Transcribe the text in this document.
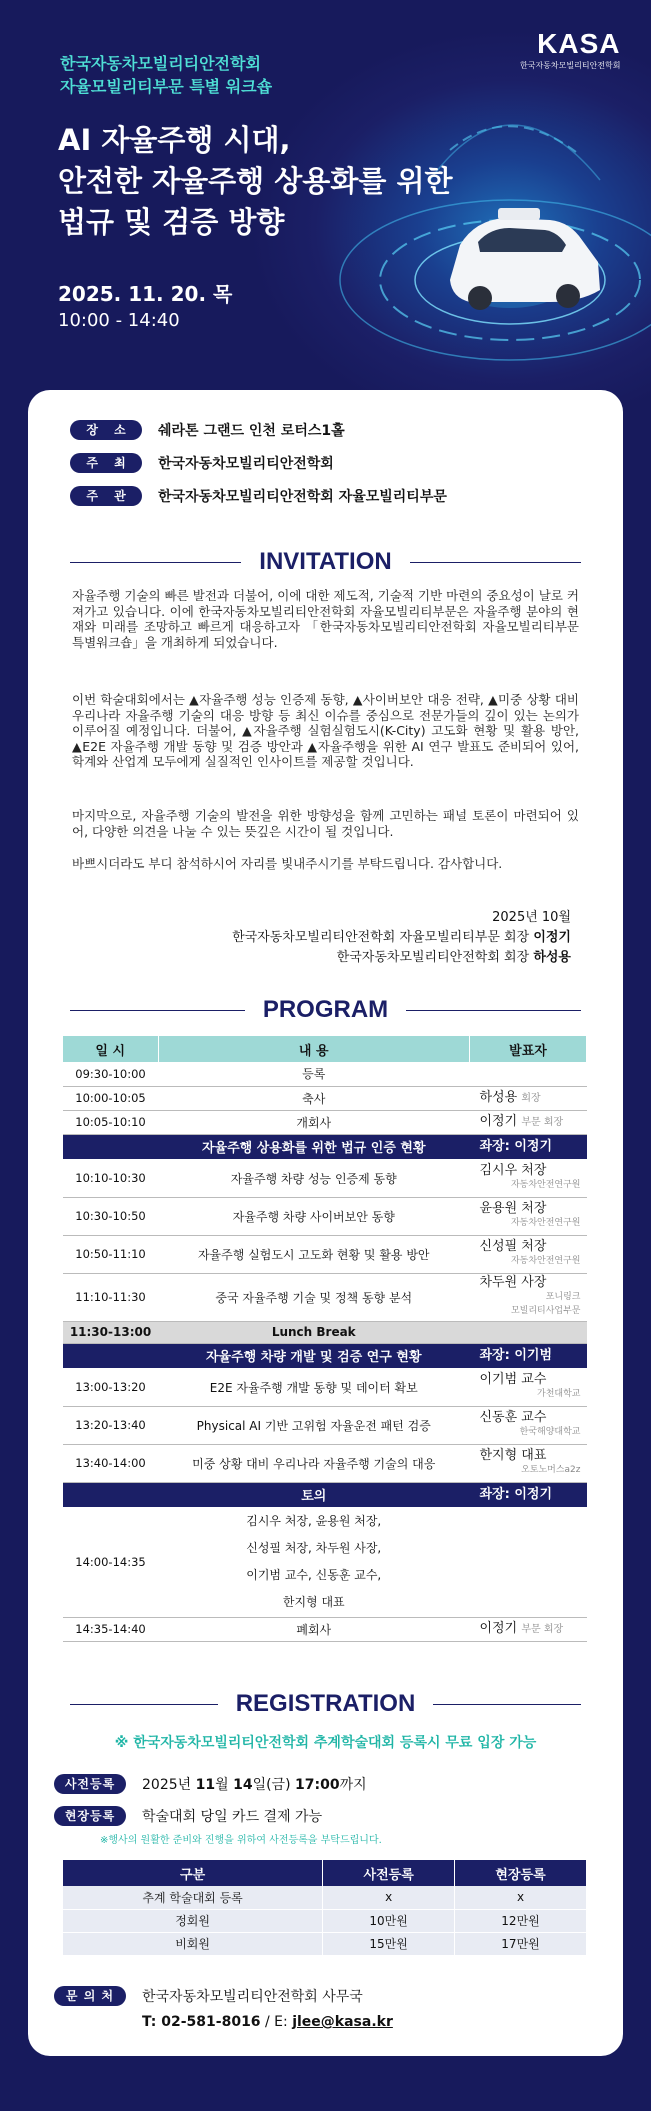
한국자동차모빌리티안전학회
자율모빌리티부문 특별 워크숍
KASA
한국자동차모빌리티안전학회
AI 자율주행 시대,
안전한 자율주행 상용화를 위한
법규 및 검증 방향
2025. 11. 20. 목
10:00 - 14:40
장 소	쉐라톤 그랜드 인천 로터스1홀
주 최	한국자동차모빌리티안전학회
주 관	한국자동차모빌리티안전학회 자율모빌리티부문
INVITATION

자율주행 기술의 빠른 발전과 더불어, 이에 대한 제도적, 기술적 기반 마련의 중요성이 날로 커져가고 있습니다. 이에 한국자동차모빌리티안전학회 자율모빌리티부문은 자율주행 분야의 현재와 미래를 조망하고 빠르게 대응하고자 「한국자동차모빌리티안전학회 자율모빌리티부문 특별워크숍」을 개최하게 되었습니다.

이번 학술대회에서는 ▲자율주행 성능 인증제 동향, ▲사이버보안 대응 전략, ▲미중 상황 대비 우리나라 자율주행 기술의 대응 방향 등 최신 이슈를 중심으로 전문가들의 깊이 있는 논의가 이루어질 예정입니다. 더불어, ▲자율주행 실험실험도시(K-City) 고도화 현황 및 활용 방안, ▲E2E 자율주행 개발 동향 및 검증 방안과 ▲자율주행을 위한 AI 연구 발표도 준비되어 있어, 학계와 산업계 모두에게 실질적인 인사이트를 제공할 것입니다.

마지막으로, 자율주행 기술의 발전을 위한 방향성을 함께 고민하는 패널 토론이 마련되어 있어, 다양한 의견을 나눌 수 있는 뜻깊은 시간이 될 것입니다.

바쁘시더라도 부디 참석하시어 자리를 빛내주시기를 부탁드립니다. 감사합니다.

2025년 10월
한국자동차모빌리티안전학회 자율모빌리티부문 회장 이정기
한국자동차모빌리티안전학회 회장 하성용
PROGRAM
일 시	내 용	발표자
09:30-10:00	등록	
10:00-10:05	축사	하성용 회장
10:05-10:10	개회사	이정기 부문 회장
	자율주행 상용화를 위한 법규 인증 현황	좌장: 이정기
10:10-10:30	자율주행 차량 성능 인증제 동향	김시우 처장
자동차안전연구원

10:30-10:50	자율주행 차량 사이버보안 동향	윤용원 처장
자동차안전연구원

10:50-11:10	자율주행 실험도시 고도화 현황 및 활용 방안	신성필 처장
자동차안전연구원

11:10-11:30	중국 자율주행 기술 및 정책 동향 분석	차두원 사장
포니링크
모빌리티사업부문

11:30-13:00	Lunch Break	
	자율주행 차량 개발 및 검증 연구 현황	좌장: 이기범
13:00-13:20	E2E 자율주행 개발 동향 및 데이터 확보	이기범 교수
가천대학교

13:20-13:40	Physical AI 기반 고위험 자율운전 패턴 검증	신동훈 교수
한국해양대학교

13:40-14:00	미중 상황 대비 우리나라 자율주행 기술의 대응	한지형 대표
오토노머스a2z

	토의	좌장: 이정기
14:00-14:35	김시우 처장, 윤용원 처장,
신성필 처장, 차두원 사장,
이기범 교수, 신동훈 교수,
한지형 대표	

14:35-14:40	폐회사	이정기 부문 회장
REGISTRATION
※ 한국자동차모빌리티안전학회 추계학술대회 등록시 무료 입장 가능
사전등록	2025년 11월 14일(금) 17:00까지
현장등록	학술대회 당일 카드 결제 가능
※행사의 원활한 준비와 진행을 위하여 사전등록을 부탁드립니다.
구분	사전등록	현장등록
추계 학술대회 등록	x	x
정회원	10만원	12만원
비회원	15만원	17만원
문 의 처	한국자동차모빌리티안전학회 사무국
T: 02-581-8016 / E: jlee@kasa.kr
